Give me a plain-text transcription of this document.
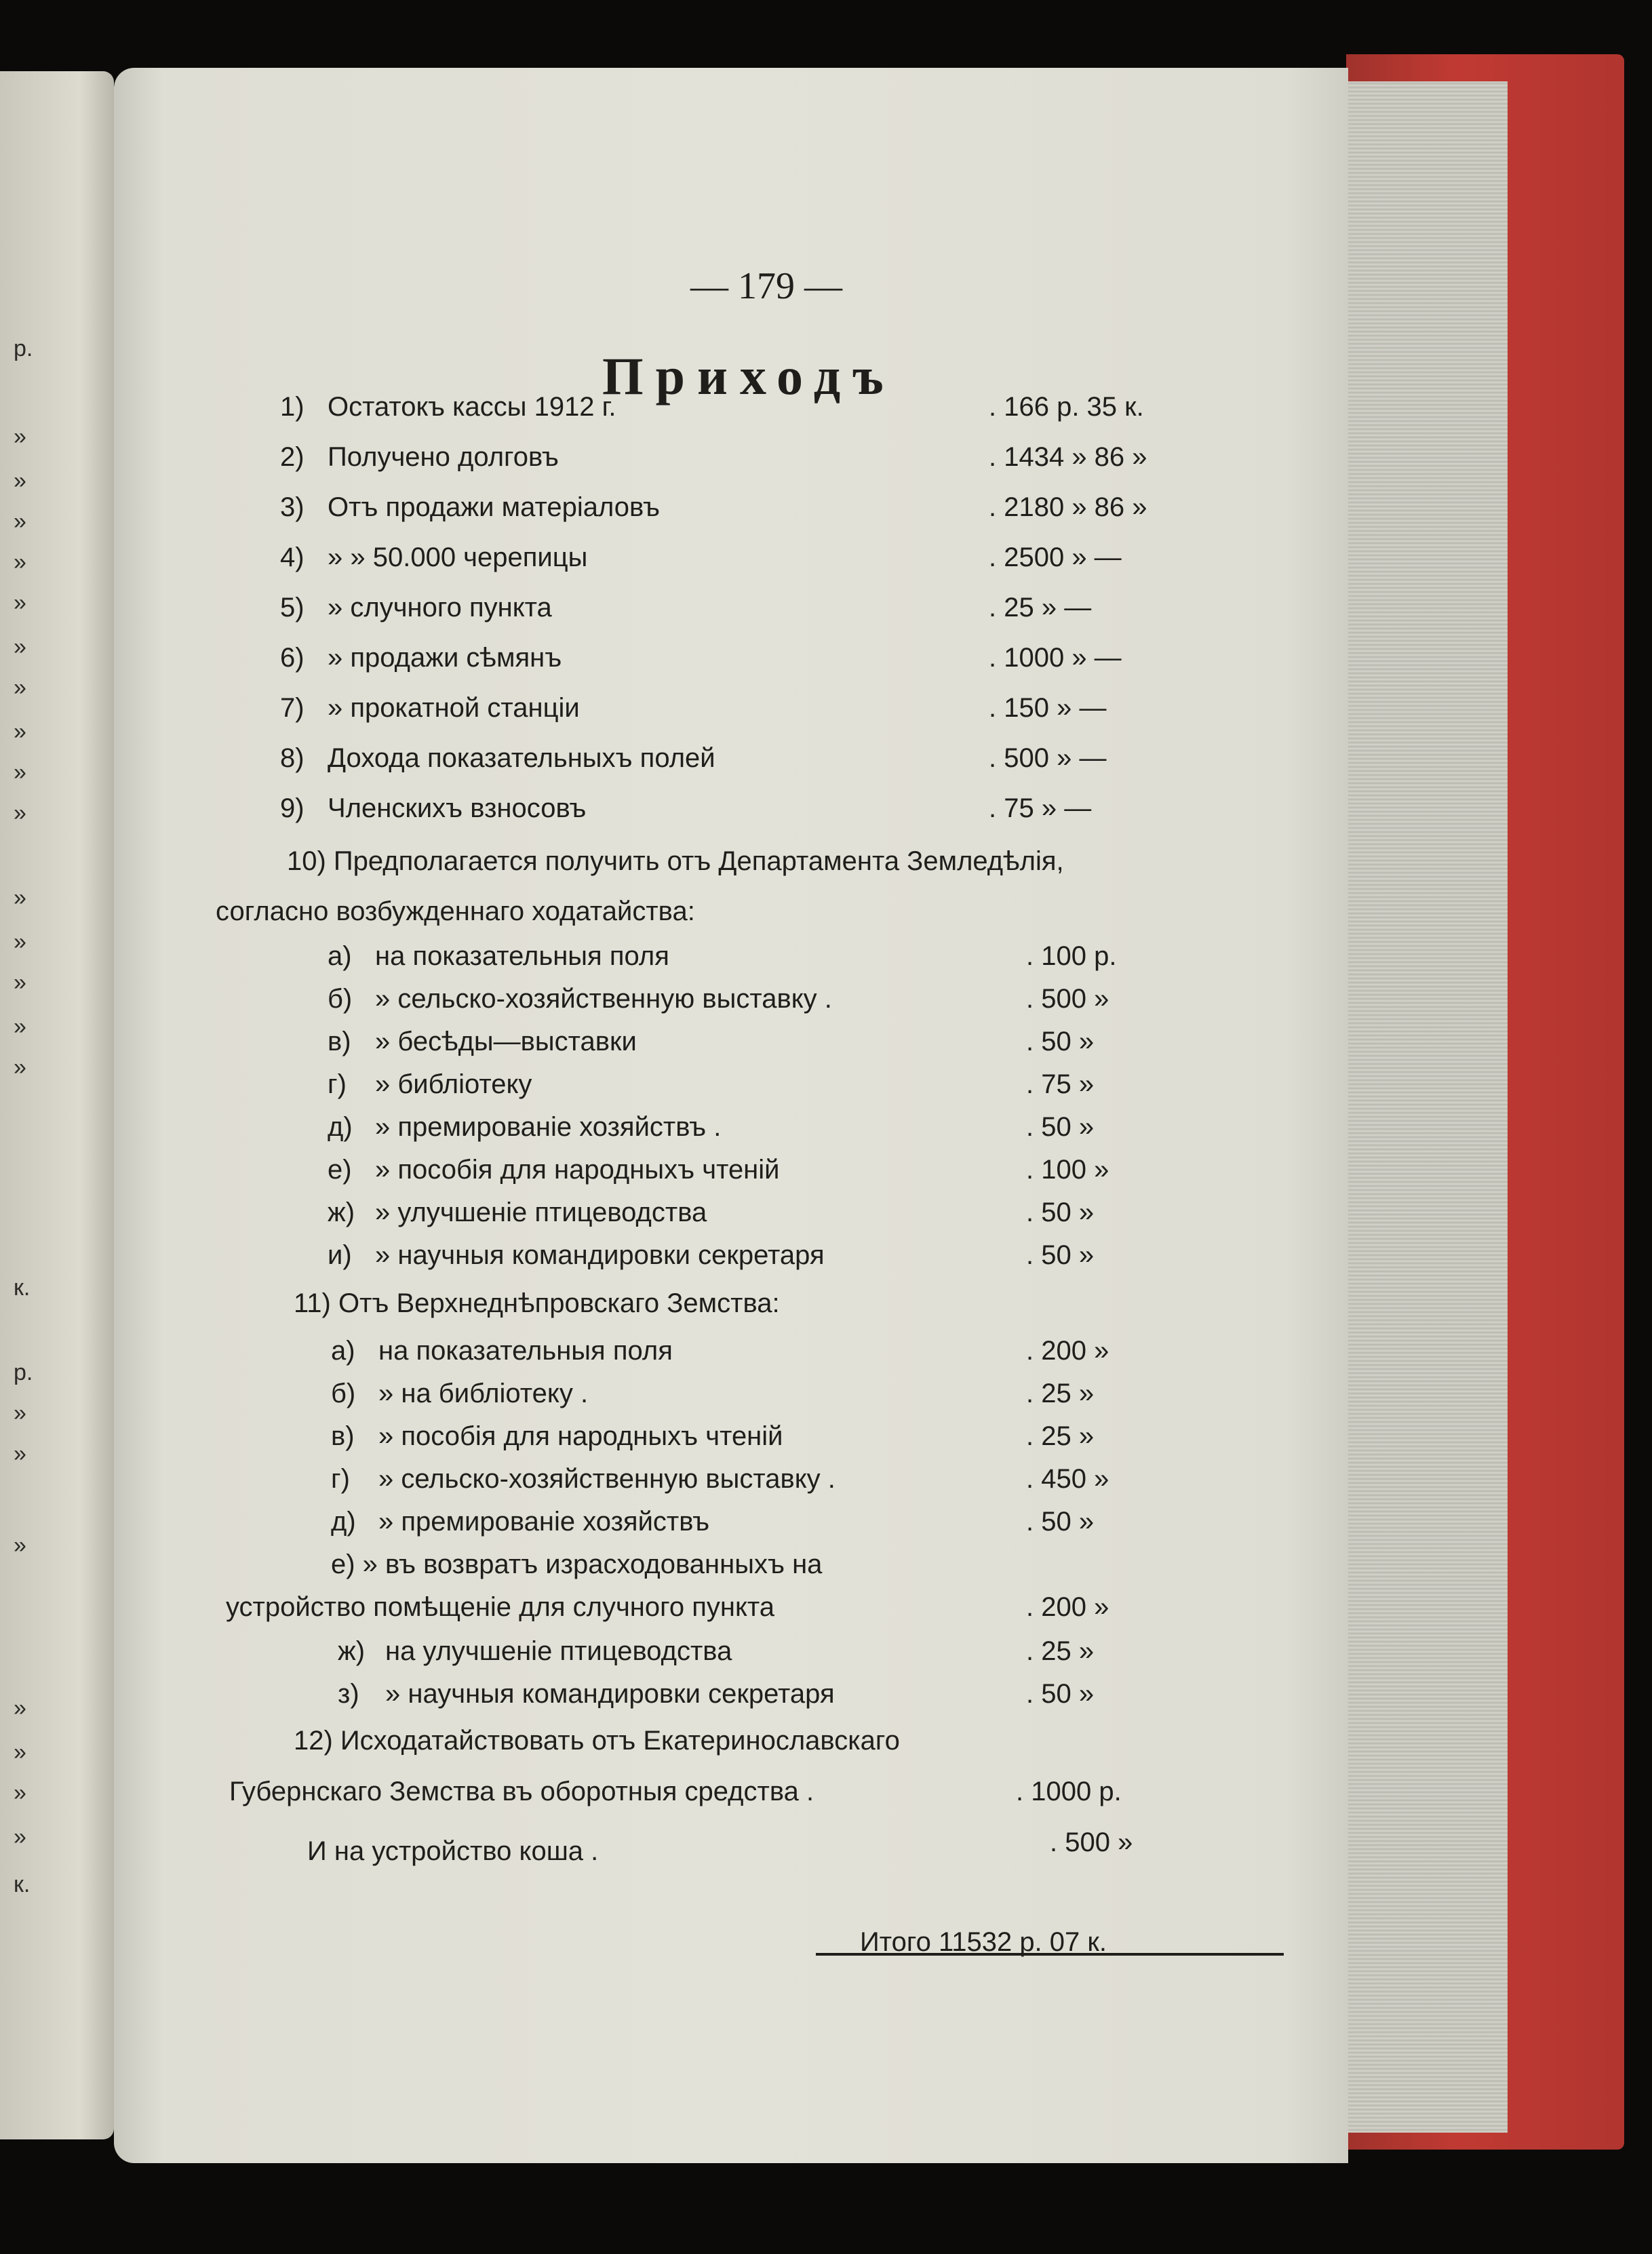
р.
»
»
»
»
»
»
»
»
»
»
»
»
»
»
»
к.
р.
»
»
»
»
»
»
»
к.
— 179 —
Приходъ
1) Остатокъ кассы 1912 г.	. 166 р. 35 к.
2) Получено долговъ	. 1434 » 86 »
3) Отъ продажи матеріаловъ	. 2180 » 86 »
4) » » 50.000 черепицы	. 2500 » —
5) » случного пункта	. 25 » —
6) » продажи сѣмянъ	. 1000 » —
7) » прокатной станціи	. 150 » —
8) Дохода показательныхъ полей	. 500 » —
9) Членскихъ взносовъ	. 75 » —
10) Предполагается получить отъ Департамента Земледѣлія,
согласно возбужденнаго ходатайства:
а) на показательныя поля	. 100 р.
б) » сельско-хозяйственную выставку .	. 500 »
в) » бесѣды—выставки	. 50 »
г) » библіотеку	. 75 »
д) » премированіе хозяйствъ .	. 50 »
е) » пособія для народныхъ чтеній	. 100 »
ж) » улучшеніе птицеводства	. 50 »
и) » научныя командировки секретаря	. 50 »
11) Отъ Верхнеднѣпровскаго Земства:
а) на показательныя поля	. 200 »
б) » на библіотеку .	. 25 »
в) » пособія для народныхъ чтеній	. 25 »
г) » сельско-хозяйственную выставку .	. 450 »
д) » премированіе хозяйствъ	. 50 »
е) » въ возвратъ израсходованныхъ на
устройство помѣщеніе для случного пункта	. 200 »
ж) на улучшеніе птицеводства	. 25 »
з) » научныя командировки секретаря	. 50 »
12) Исходатайствовать отъ Екатеринославскаго
Губернскаго Земства въ оборотныя средства .	. 1000 р.
И на устройство коша .	. 500 »
Итого 11532 р. 07 к.
